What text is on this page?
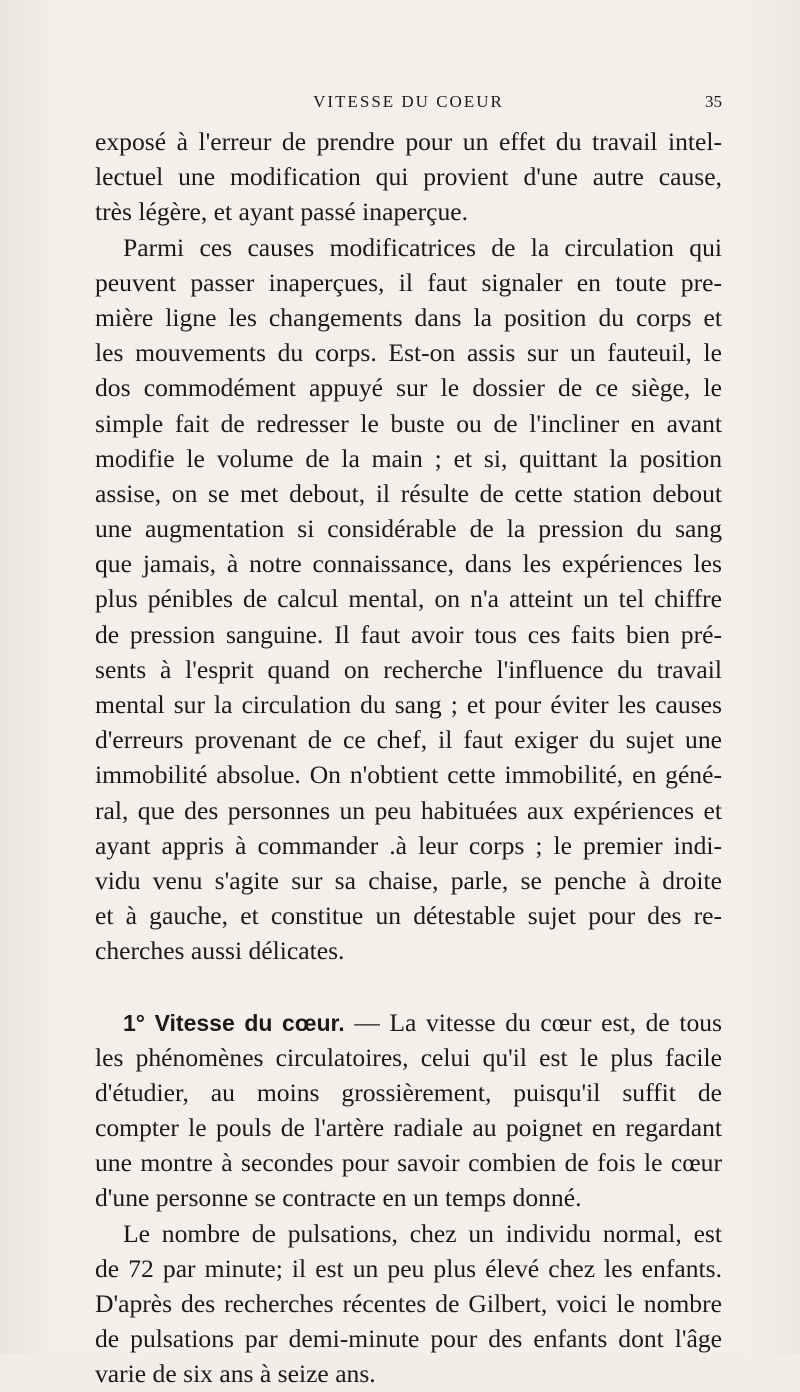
VITESSE DU COEUR	35
exposé à l'erreur de prendre pour un effet du travail intel-
lectuel une modification qui provient d'une autre cause,
très légère, et ayant passé inaperçue.
Parmi ces causes modificatrices de la circulation qui
peuvent passer inaperçues, il faut signaler en toute pre-
mière ligne les changements dans la position du corps et
les mouvements du corps. Est-on assis sur un fauteuil, le
dos commodément appuyé sur le dossier de ce siège, le
simple fait de redresser le buste ou de l'incliner en avant
modifie le volume de la main ; et si, quittant la position
assise, on se met debout, il résulte de cette station debout
une augmentation si considérable de la pression du sang
que jamais, à notre connaissance, dans les expériences les
plus pénibles de calcul mental, on n'a atteint un tel chiffre
de pression sanguine. Il faut avoir tous ces faits bien pré-
sents à l'esprit quand on recherche l'influence du travail
mental sur la circulation du sang ; et pour éviter les causes
d'erreurs provenant de ce chef, il faut exiger du sujet une
immobilité absolue. On n'obtient cette immobilité, en géné-
ral, que des personnes un peu habituées aux expériences et
ayant appris à commander .à leur corps ; le premier indi-
vidu venu s'agite sur sa chaise, parle, se penche à droite
et à gauche, et constitue un détestable sujet pour des re-
cherches aussi délicates.
1° Vitesse du cœur. — La vitesse du cœur est, de tous
les phénomènes circulatoires, celui qu'il est le plus facile
d'étudier, au moins grossièrement, puisqu'il suffit de
compter le pouls de l'artère radiale au poignet en regardant
une montre à secondes pour savoir combien de fois le cœur
d'une personne se contracte en un temps donné.
Le nombre de pulsations, chez un individu normal, est
de 72 par minute; il est un peu plus élevé chez les enfants.
D'après des recherches récentes de Gilbert, voici le nombre
de pulsations par demi-minute pour des enfants dont l'âge
varie de six ans à seize ans.
